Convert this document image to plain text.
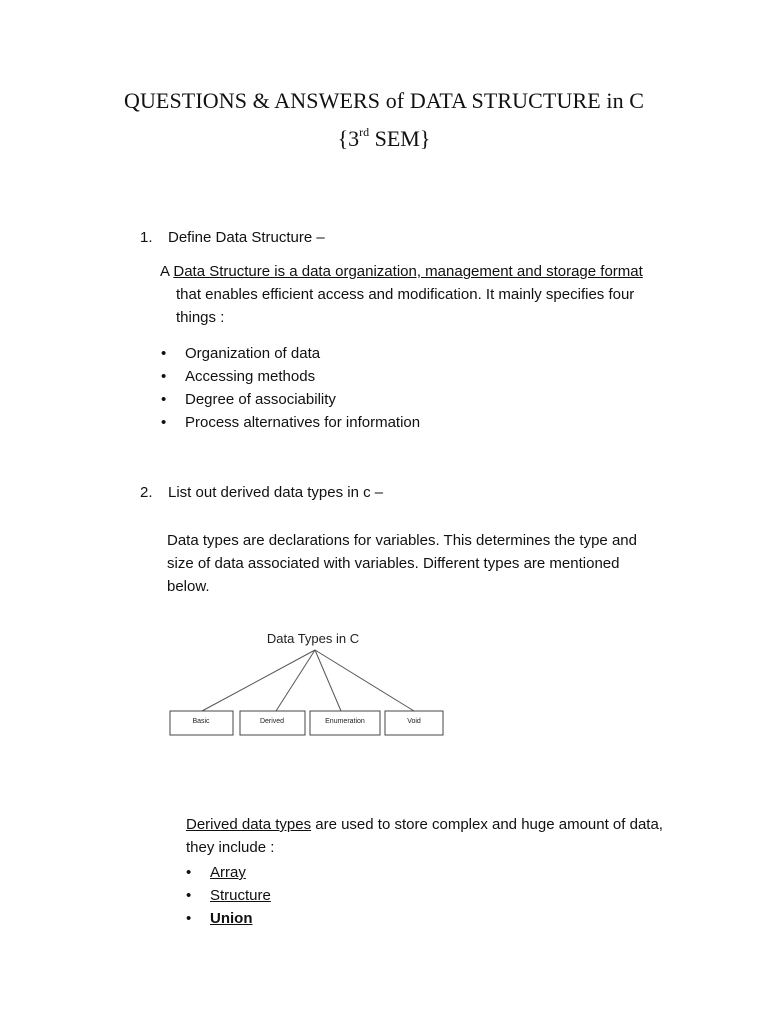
QUESTIONS & ANSWERS of DATA STRUCTURE in C
{3rd SEM}
1. Define Data Structure –
A Data Structure is a data organization, management and storage format that enables efficient access and modification. It mainly specifies four things :
• Organization of data
• Accessing methods
• Degree of associability
• Process alternatives for information
2. List out derived data types in c –
Data types are declarations for variables. This determines the type and size of data associated with variables. Different types are mentioned below.
Data Types in C
Basic	Derived	Enumeration	Void
Derived data types are used to store complex and huge amount of data, they include :
• Array
• Structure
• Union
